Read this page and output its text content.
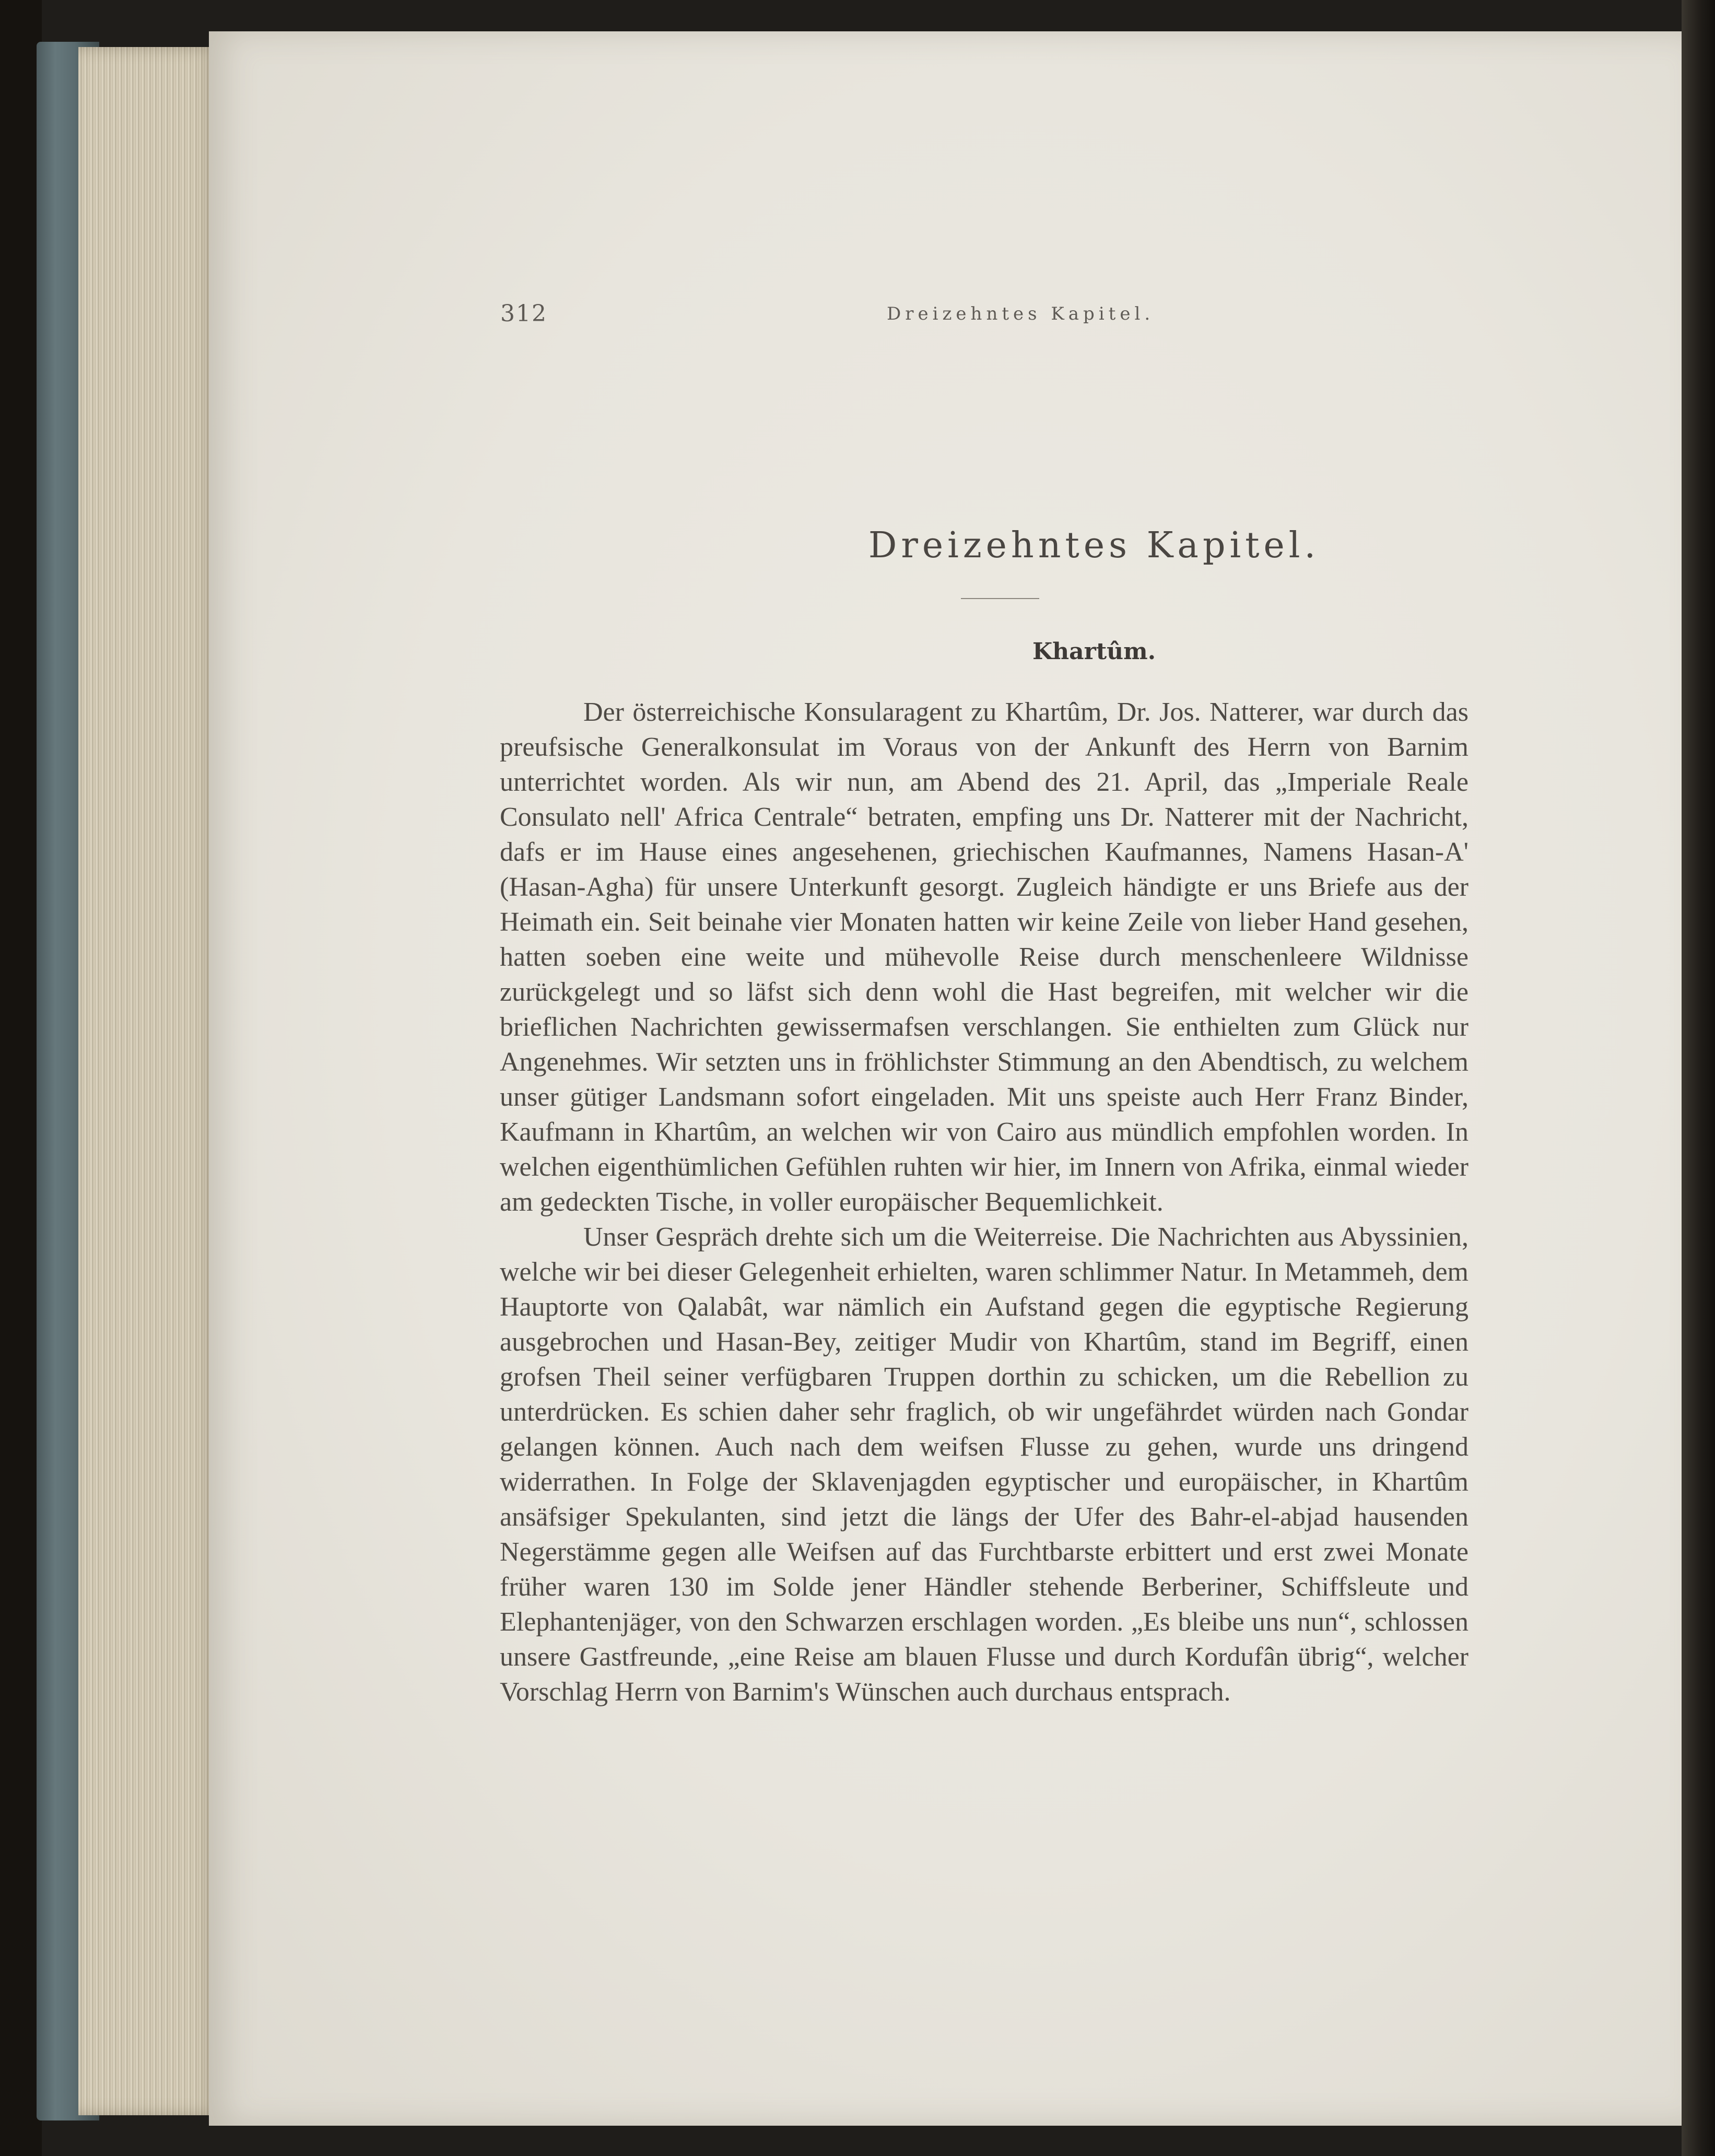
312	Dreizehntes Kapitel.
Dreizehntes Kapitel.
Khartûm.

Der österreichische Konsularagent zu Khartûm, Dr. Jos. Natterer, war durch das preufsische Generalkonsulat im Voraus von der Ankunft des Herrn von Barnim unterrichtet worden. Als wir nun, am Abend des 21. April, das „Imperiale Reale Consulato nell' Africa Centrale“ betraten, empfing uns Dr. Natterer mit der Nachricht, dafs er im Hause eines angesehenen, griechischen Kaufmannes, Namens Hasan-A' (Hasan-Agha) für unsere Unterkunft gesorgt. Zugleich händigte er uns Briefe aus der Heimath ein. Seit beinahe vier Monaten hatten wir keine Zeile von lieber Hand gesehen, hatten soeben eine weite und mühevolle Reise durch menschenleere Wildnisse zurückgelegt und so läfst sich denn wohl die Hast begreifen, mit welcher wir die brieflichen Nachrichten gewissermafsen verschlangen. Sie enthielten zum Glück nur Angenehmes. Wir setzten uns in fröhlichster Stimmung an den Abendtisch, zu welchem unser gütiger Landsmann sofort eingeladen. Mit uns speiste auch Herr Franz Binder, Kaufmann in Khartûm, an welchen wir von Cairo aus mündlich empfohlen worden. In welchen eigenthümlichen Gefühlen ruhten wir hier, im Innern von Afrika, einmal wieder am gedeckten Tische, in voller europäischer Bequemlichkeit.

Unser Gespräch drehte sich um die Weiterreise. Die Nachrichten aus Abyssinien, welche wir bei dieser Gelegenheit erhielten, waren schlimmer Natur. In Metammeh, dem Hauptorte von Qalabât, war nämlich ein Aufstand gegen die egyptische Regierung ausgebrochen und Hasan-Bey, zeitiger Mudir von Khartûm, stand im Begriff, einen grofsen Theil seiner verfügbaren Truppen dorthin zu schicken, um die Rebellion zu unterdrücken. Es schien daher sehr fraglich, ob wir ungefährdet würden nach Gondar gelangen können. Auch nach dem weifsen Flusse zu gehen, wurde uns dringend widerrathen. In Folge der Sklavenjagden egyptischer und europäischer, in Khartûm ansäfsiger Spekulanten, sind jetzt die längs der Ufer des Bahr-el-abjad hausenden Negerstämme gegen alle Weifsen auf das Furchtbarste erbittert und erst zwei Monate früher waren 130 im Solde jener Händler stehende Berberiner, Schiffsleute und Elephantenjäger, von den Schwarzen erschlagen worden. „Es bleibe uns nun“, schlossen unsere Gastfreunde, „eine Reise am blauen Flusse und durch Kordufân übrig“, welcher Vorschlag Herrn von Barnim's Wünschen auch durchaus entsprach.
